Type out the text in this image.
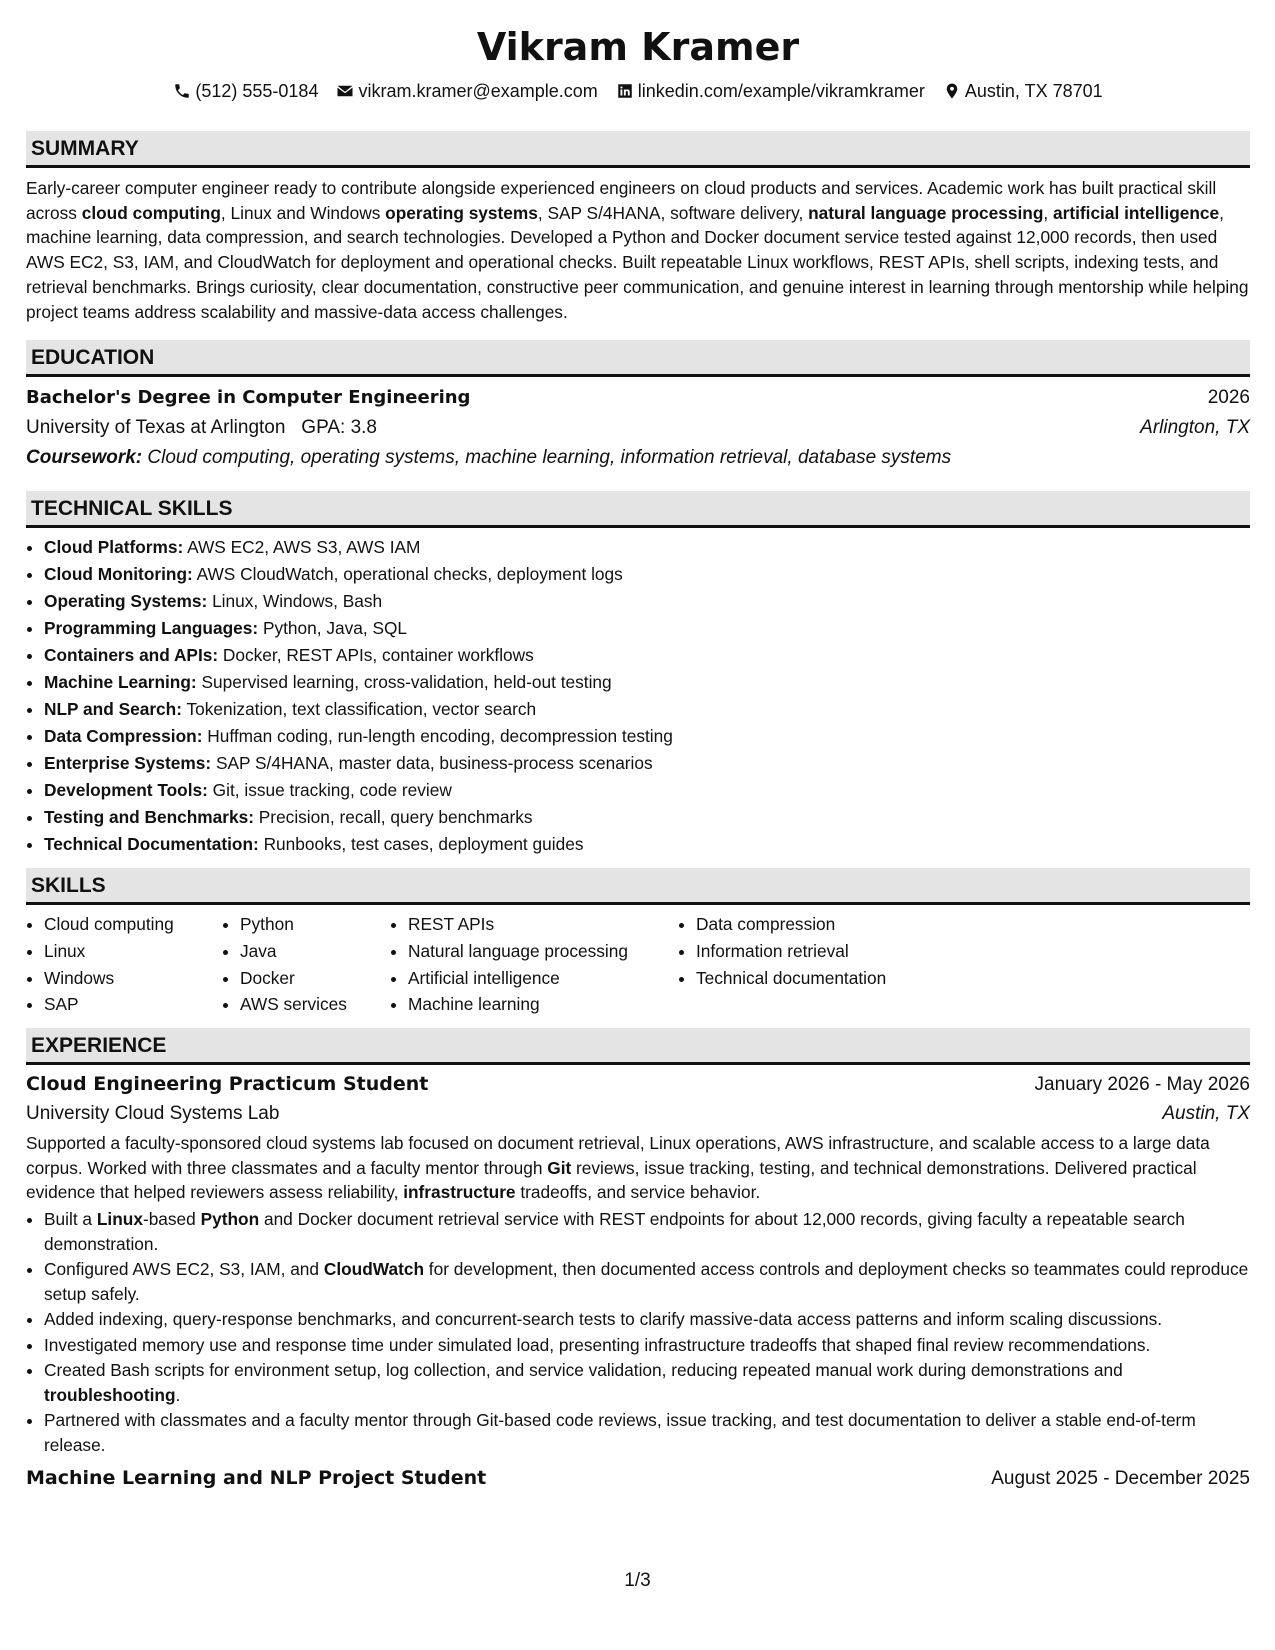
Vikram Kramer
(512) 555-0184 vikram.kramer@example.com linkedin.com/example/vikramkramer Austin, TX 78701
SUMMARY
Early-career computer engineer ready to contribute alongside experienced engineers on cloud products and services. Academic work has built practical skill across cloud computing, Linux and Windows operating systems, SAP S/4HANA, software delivery, natural language processing, artificial intelligence, machine learning, data compression, and search technologies. Developed a Python and Docker document service tested against 12,000 records, then used AWS EC2, S3, IAM, and CloudWatch for deployment and operational checks. Built repeatable Linux workflows, REST APIs, shell scripts, indexing tests, and retrieval benchmarks. Brings curiosity, clear documentation, constructive peer communication, and genuine interest in learning through mentorship while helping project teams address scalability and massive-data access challenges.
EDUCATION
Bachelor's Degree in Computer Engineering	2026
University of Texas at Arlington GPA: 3.8	Arlington, TX
Coursework: Cloud computing, operating systems, machine learning, information retrieval, database systems
TECHNICAL SKILLS
• Cloud Platforms: AWS EC2, AWS S3, AWS IAM
• Cloud Monitoring: AWS CloudWatch, operational checks, deployment logs
• Operating Systems: Linux, Windows, Bash
• Programming Languages: Python, Java, SQL
• Containers and APIs: Docker, REST APIs, container workflows
• Machine Learning: Supervised learning, cross-validation, held-out testing
• NLP and Search: Tokenization, text classification, vector search
• Data Compression: Huffman coding, run-length encoding, decompression testing
• Enterprise Systems: SAP S/4HANA, master data, business-process scenarios
• Development Tools: Git, issue tracking, code review
• Testing and Benchmarks: Precision, recall, query benchmarks
• Technical Documentation: Runbooks, test cases, deployment guides
SKILLS
• Cloud computing
• Linux
• Windows
• SAP
• Python
• Java
• Docker
• AWS services
• REST APIs
• Natural language processing
• Artificial intelligence
• Machine learning
• Data compression
• Information retrieval
• Technical documentation
EXPERIENCE
Cloud Engineering Practicum Student	January 2026 - May 2026
University Cloud Systems Lab	Austin, TX
Supported a faculty-sponsored cloud systems lab focused on document retrieval, Linux operations, AWS infrastructure, and scalable access to a large data corpus. Worked with three classmates and a faculty mentor through Git reviews, issue tracking, testing, and technical demonstrations. Delivered practical evidence that helped reviewers assess reliability, infrastructure tradeoffs, and service behavior.
• Built a Linux-based Python and Docker document retrieval service with REST endpoints for about 12,000 records, giving faculty a repeatable search demonstration.
• Configured AWS EC2, S3, IAM, and CloudWatch for development, then documented access controls and deployment checks so teammates could reproduce setup safely.
• Added indexing, query-response benchmarks, and concurrent-search tests to clarify massive-data access patterns and inform scaling discussions.
• Investigated memory use and response time under simulated load, presenting infrastructure tradeoffs that shaped final review recommendations.
• Created Bash scripts for environment setup, log collection, and service validation, reducing repeated manual work during demonstrations and troubleshooting.
• Partnered with classmates and a faculty mentor through Git-based code reviews, issue tracking, and test documentation to deliver a stable end-of-term release.
Machine Learning and NLP Project Student	August 2025 - December 2025
1/3
